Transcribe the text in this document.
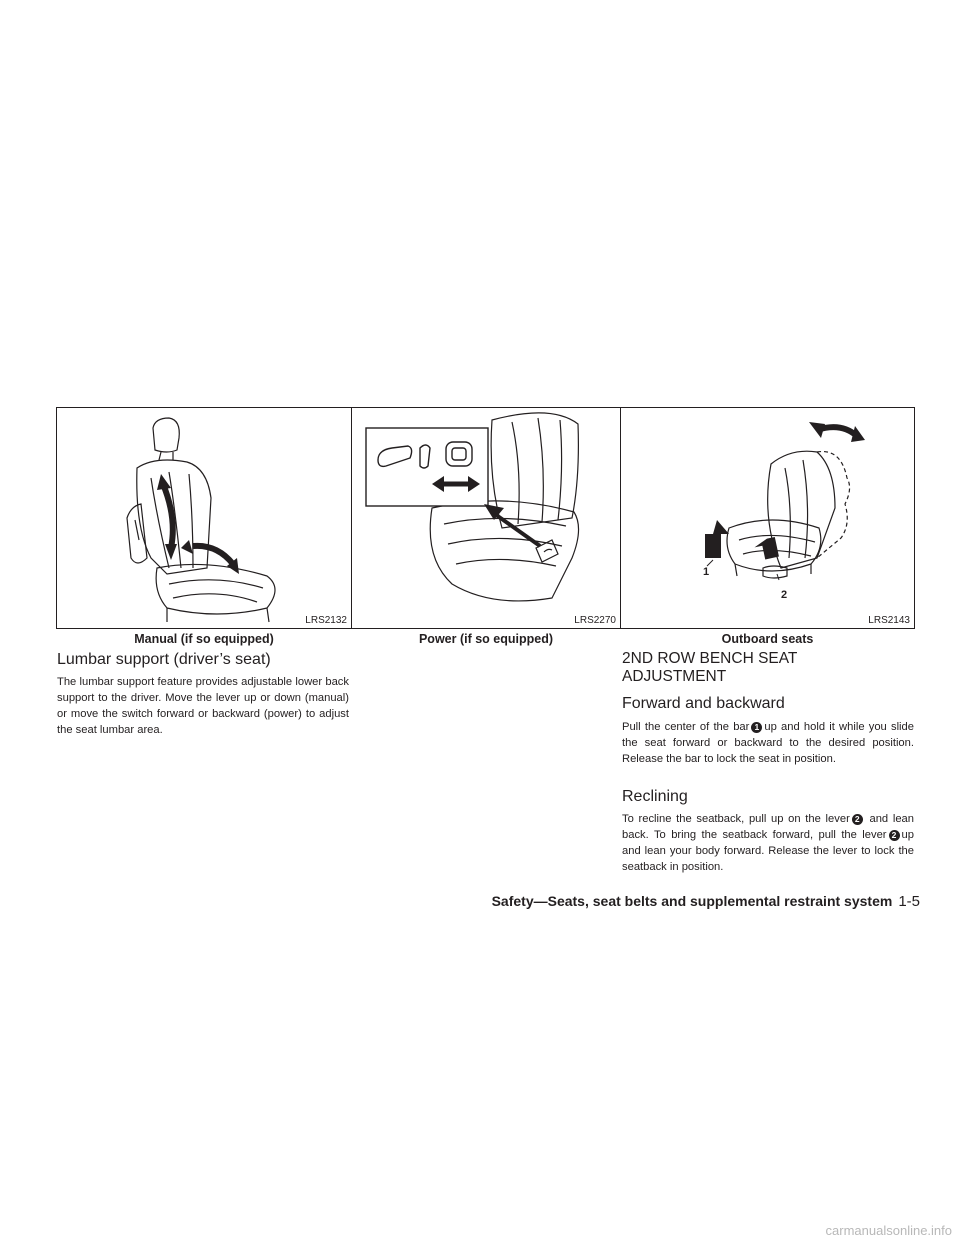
LRS2132
Manual (if so equipped)
LRS2270
Power (if so equipped)
1
2
LRS2143
Outboard seats
Lumbar support (driver’s seat)

The lumbar support feature provides adjustable lower back support to the driver. Move the lever up or down (manual) or move the switch forward or backward (power) to adjust the seat lumbar area.

2ND ROW BENCH SEAT
ADJUSTMENT
Forward and backward

Pull the center of the bar 1 up and hold it while you slide the seat forward or backward to the desired position. Release the bar to lock the seat in position.

Reclining

To recline the seatback, pull up on the lever 2 and lean back. To bring the seatback forward, pull the lever 2 up and lean your body forward. Release the lever to lock the seatback in position.

Safety—Seats, seat belts and supplemental restraint system 1-5
carmanualsonline.info
